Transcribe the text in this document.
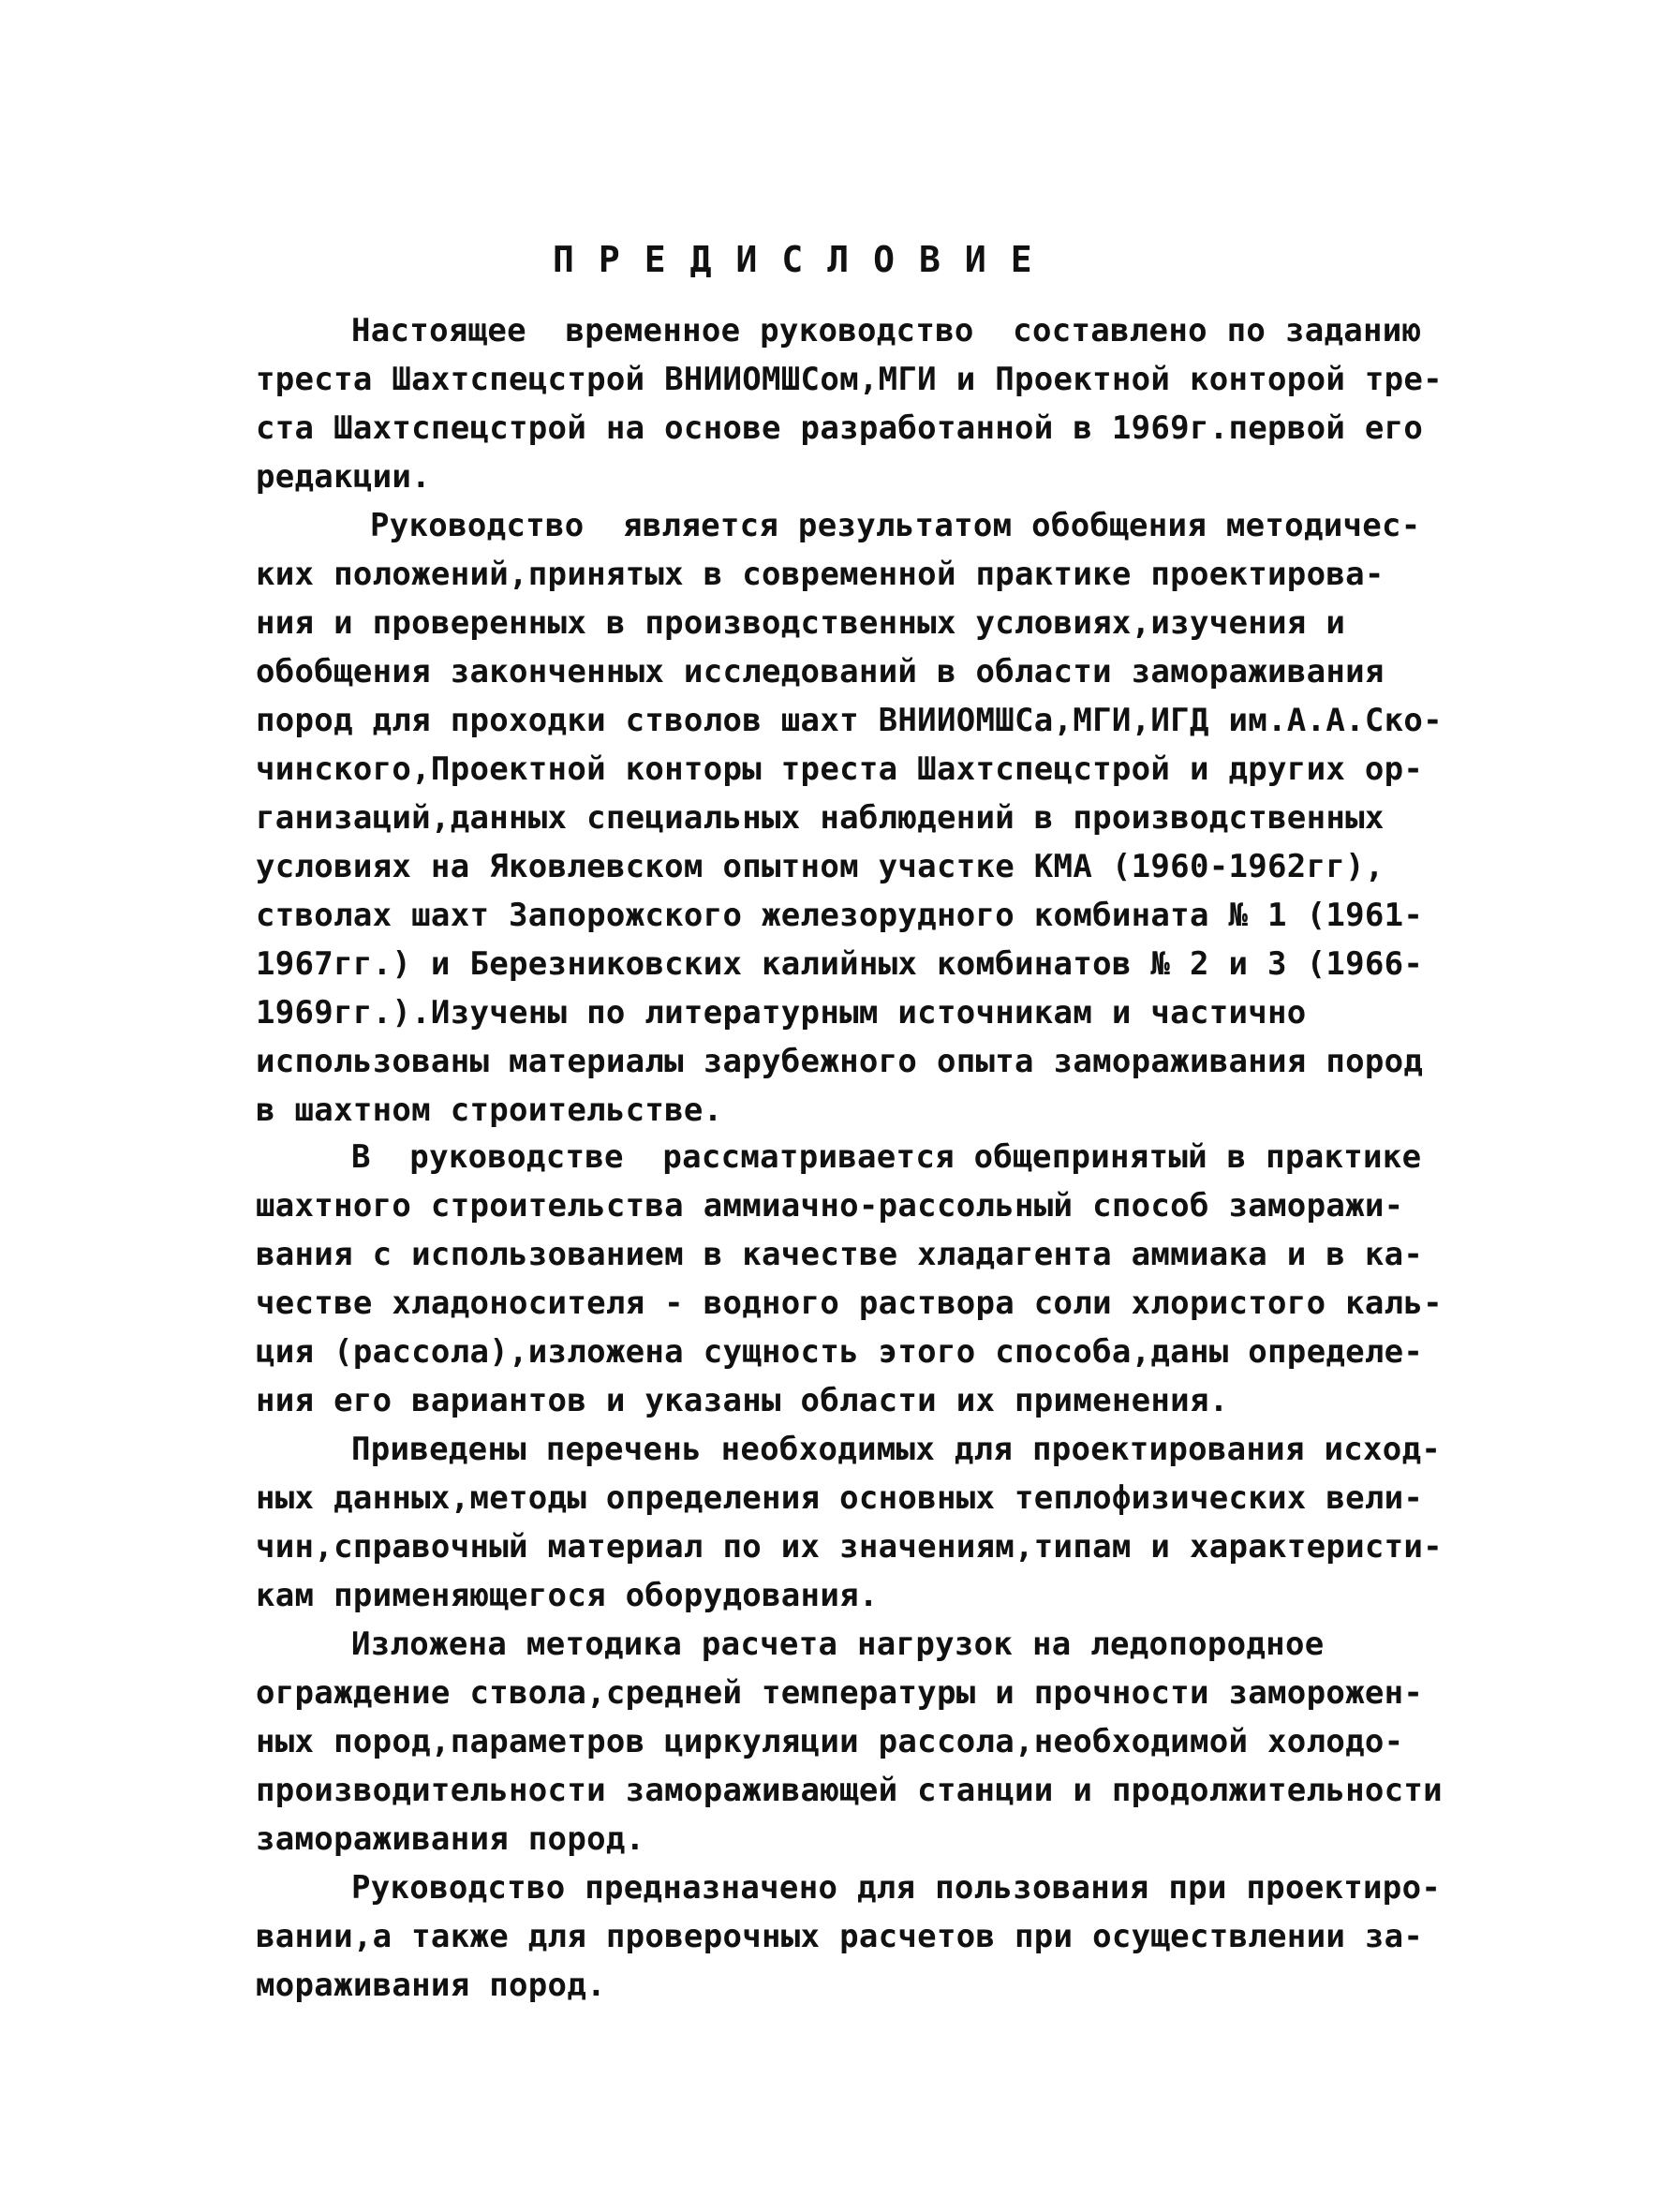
ПРЕДИСЛОВИЕ
Настоящее  временное руководство  составлено по заданию
треста Шахтспецстрой ВНИИОМШСом,МГИ и Проектной конторой тре-
ста Шахтспецстрой на основе разработанной в 1969г.первой его
редакции.
Руководство  является результатом обобщения методичес-
ких положений,принятых в современной практике проектирова-
ния и проверенных в производственных условиях,изучения и
обобщения законченных исследований в области замораживания
пород для проходки стволов шахт ВНИИОМШСа,МГИ,ИГД им.А.А.Ско-
чинского,Проектной конторы треста Шахтспецстрой и других ор-
ганизаций,данных специальных наблюдений в производственных
условиях на Яковлевском опытном участке КМА (1960-1962гг),
стволах шахт Запорожского железорудного комбината № 1 (1961-
1967гг.) и Березниковских калийных комбинатов № 2 и 3 (1966-
1969гг.).Изучены по литературным источникам и частично
использованы материалы зарубежного опыта замораживания пород
в шахтном строительстве.
В  руководстве  рассматривается общепринятый в практике
шахтного строительства аммиачно-рассольный способ заморажи-
вания с использованием в качестве хладагента аммиака и в ка-
честве хладоносителя - водного раствора соли хлористого каль-
ция (рассола),изложена сущность этого способа,даны определе-
ния его вариантов и указаны области их применения.
Приведены перечень необходимых для проектирования исход-
ных данных,методы определения основных теплофизических вели-
чин,справочный материал по их значениям,типам и характеристи-
кам применяющегося оборудования.
Изложена методика расчета нагрузок на ледопородное
ограждение ствола,средней температуры и прочности заморожен-
ных пород,параметров циркуляции рассола,необходимой холодо-
производительности замораживающей станции и продолжительности
замораживания пород.
Руководство предназначено для пользования при проектиро-
вании,а также для проверочных расчетов при осуществлении за-
мораживания пород.
